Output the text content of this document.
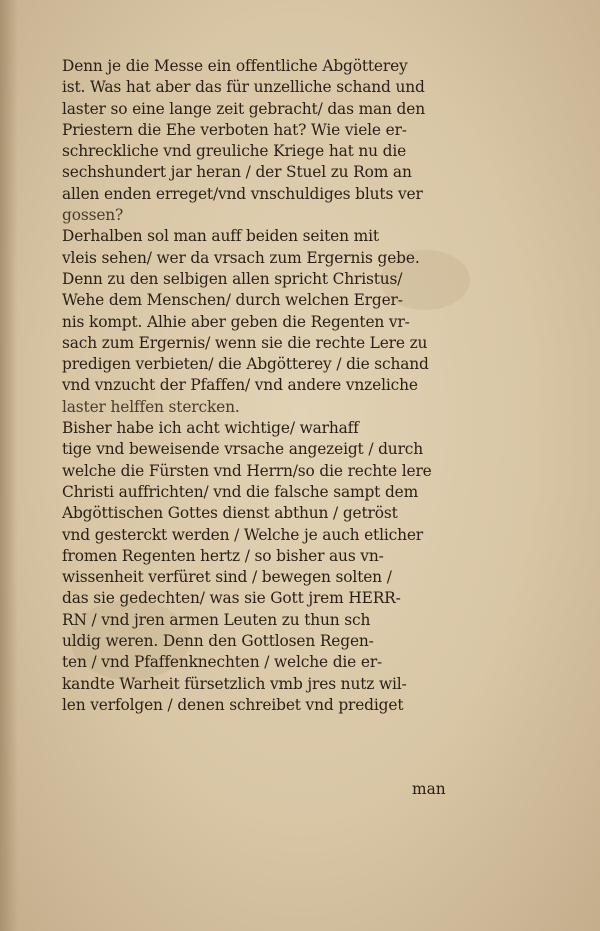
Denn je die Messe ein offentliche Abgötterey
ist. Was hat aber das für unzelliche schand und
laster so eine lange zeit gebracht/ das man den
Priestern die Ehe verboten hat? Wie viele er-
schreckliche vnd greuliche Kriege hat nu die
sechshundert jar heran / der Stuel zu Rom an
allen enden erreget/vnd vnschuldiges bluts ver
gossen?
Derhalben sol man auff beiden seiten mit
vleis sehen/ wer da vrsach zum Ergernis gebe.
Denn zu den selbigen allen spricht Christus/
Wehe dem Menschen/ durch welchen Erger-
nis kompt. Alhie aber geben die Regenten vr-
sach zum Ergernis/ wenn sie die rechte Lere zu
predigen verbieten/ die Abgötterey / die schand
vnd vnzucht der Pfaffen/ vnd andere vnzeliche
laster helffen stercken.
Bisher habe ich acht wichtige/ warhaff
tige vnd beweisende vrsache angezeigt / durch
welche die Fürsten vnd Herrn/so die rechte lere
Christi auffrichten/ vnd die falsche sampt dem
Abgöttischen Gottes dienst abthun / getröst
vnd gesterckt werden / Welche je auch etlicher
fromen Regenten hertz / so bisher aus vn-
wissenheit verfüret sind / bewegen solten /
das sie gedechten/ was sie Gott jrem HERR-
RN / vnd jren armen Leuten zu thun sch
uldig weren. Denn den Gottlosen Regen-
ten / vnd Pfaffenknechten / welche die er-
kandte Warheit fürsetzlich vmb jres nutz wil-
len verfolgen / denen schreibet vnd prediget
man
